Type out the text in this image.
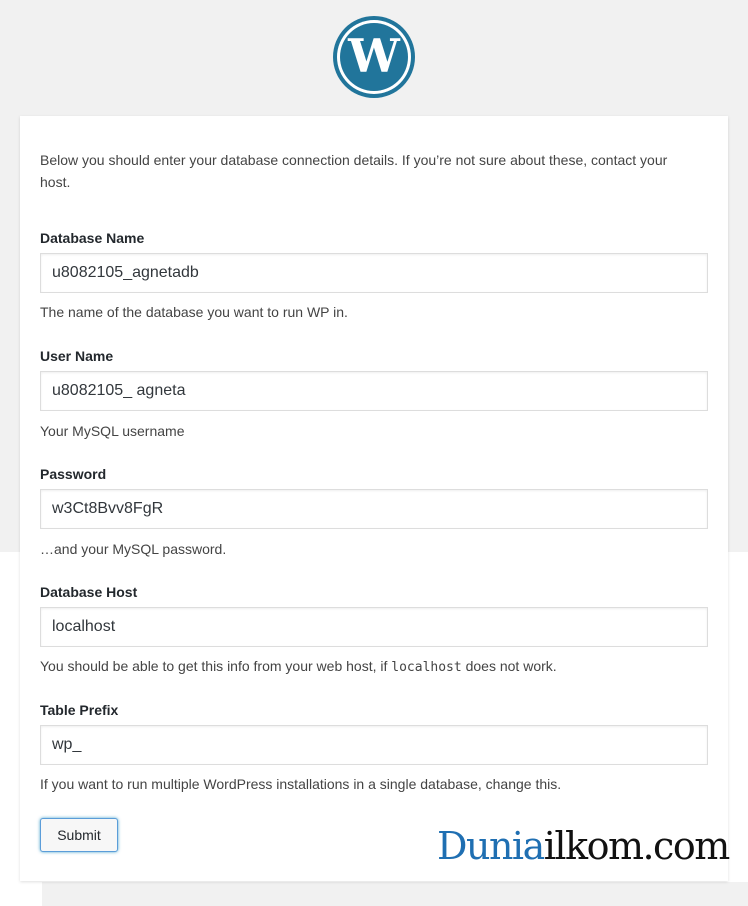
W

Below you should enter your database connection details. If you’re not sure about these, contact your host.

Database Name
u8082105_agnetadb
The name of the database you want to run WP in.
User Name
u8082105_ agneta
Your MySQL username
Password
w3Ct8Bvv8FgR
…and your MySQL password.
Database Host
localhost
You should be able to get this info from your web host, if localhost does not work.
Table Prefix
wp_
If you want to run multiple WordPress installations in a single database, change this.
Submit	Duniailkom.com
